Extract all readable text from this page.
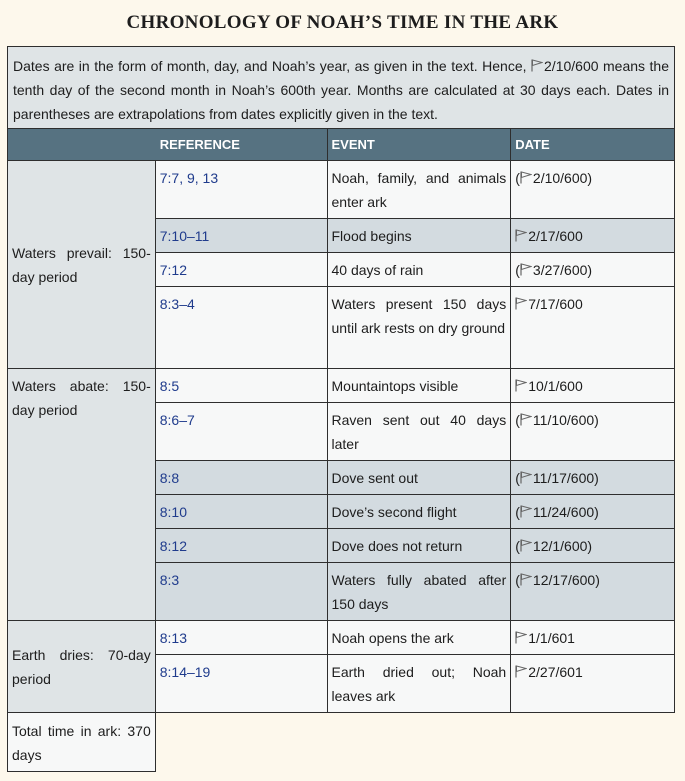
CHRONOLOGY OF NOAH’S TIME IN THE ARK
Dates are in the form of month, day, and Noah’s year, as given in the text. Hence,
2/10/600 means the tenth day of the second month in Noah’s 600th year. Months are calculated at 30 days each. Dates in parentheses are extrapolations from dates explicitly given in the text.			
	REFERENCE	EVENT	DATE
Waters prevail: 150-day period	7:7, 9, 13	Noah, family, and animals enter ark	( 2/10/600)
	7:10–11	Flood begins	2/17/600
	7:12	40 days of rain	( 3/27/600)
	8:3–4	Waters present 150 days until ark rests on dry ground	7/17/600
Waters abate: 150-day period	8:5	Mountaintops visible	10/1/600
	8:6–7	Raven sent out 40 days later	( 11/10/600)
	8:8	Dove sent out	( 11/17/600)
	8:10	Dove’s second flight	( 11/24/600)
	8:12	Dove does not return	( 12/1/600)
	8:3	Waters fully abated after 150 days	( 12/17/600)
Earth dries: 70-day period	8:13	Noah opens the ark	1/1/601
	8:14–19	Earth dried out; Noah leaves ark	2/27/601
Total time in ark: 370 days			
